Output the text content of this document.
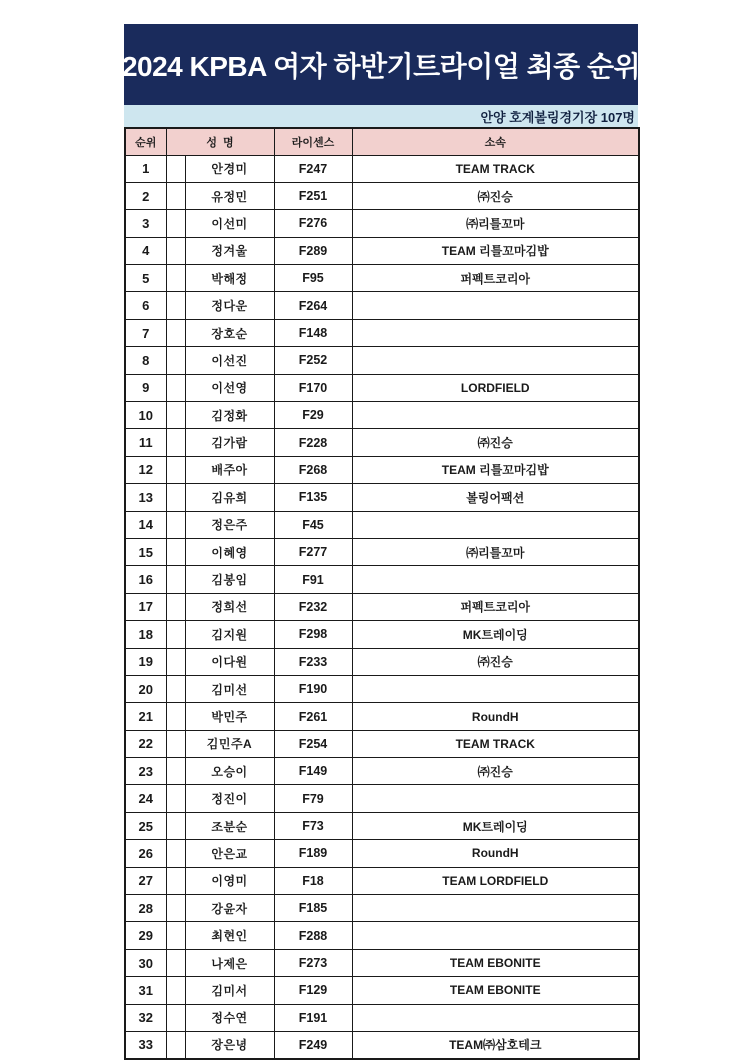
2024 KPBA 여자 하반기트라이얼 최종 순위
안양 호계볼링경기장 107명
순위	성  명		라이센스	소속
1		안경미	F247	TEAM TRACK
2		유정민	F251	㈜진승
3		이선미	F276	㈜리틀꼬마
4		정겨울	F289	TEAM 리틀꼬마김밥
5		박해정	F95	퍼펙트코리아
6		정다운	F264	
7		장호순	F148	
8		이선진	F252	
9		이선영	F170	LORDFIELD
10		김정화	F29	
11		김가람	F228	㈜진승
12		배주아	F268	TEAM 리틀꼬마김밥
13		김유희	F135	볼링어팩션
14		정은주	F45	
15		이혜영	F277	㈜리틀꼬마
16		김봉임	F91	
17		정희선	F232	퍼펙트코리아
18		김지원	F298	MK트레이딩
19		이다원	F233	㈜진승
20		김미선	F190	
21		박민주	F261	RoundH
22		김민주A	F254	TEAM TRACK
23		오승이	F149	㈜진승
24		정진이	F79	
25		조분순	F73	MK트레이딩
26		안은교	F189	RoundH
27		이영미	F18	TEAM LORDFIELD
28		강윤자	F185	
29		최현인	F288	
30		나제은	F273	TEAM EBONITE
31		김미서	F129	TEAM EBONITE
32		정수연	F191	
33		장은녕	F249	TEAM㈜삼호테크
